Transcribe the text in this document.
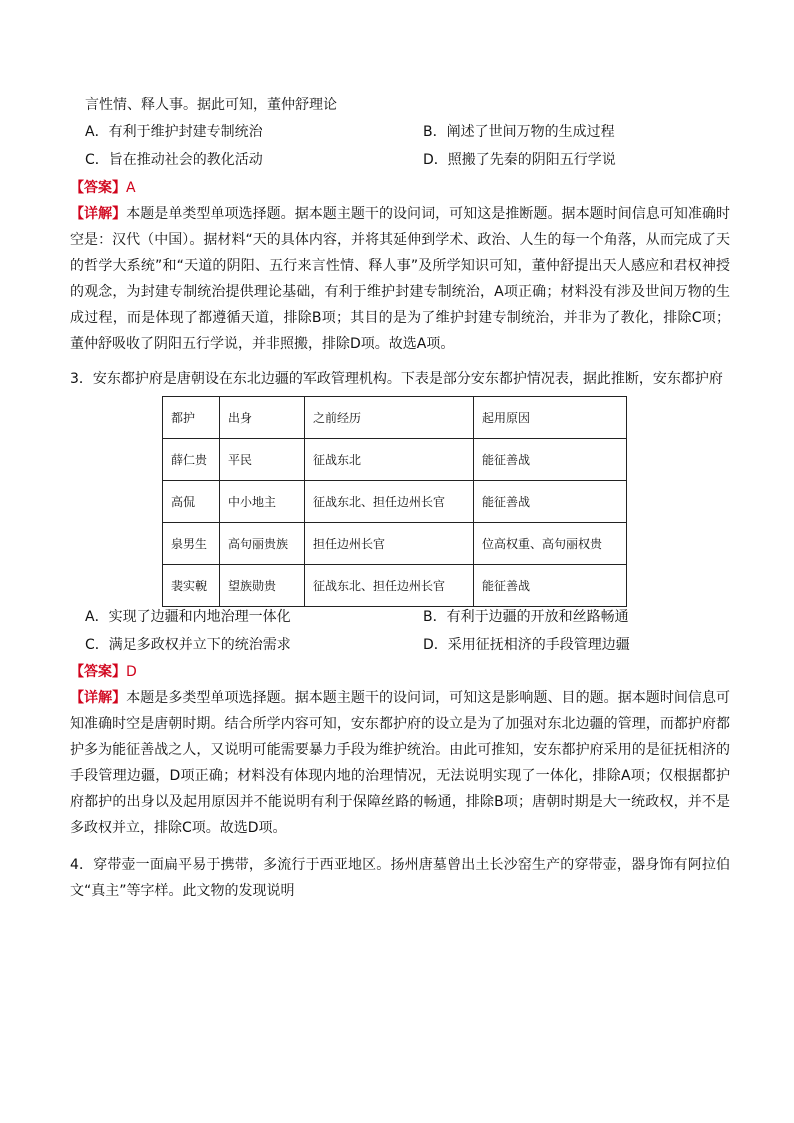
言性情、释人事。据此可知，董仲舒理论
A．有利于维护封建专制统治	B．阐述了世间万物的生成过程
C．旨在推动社会的教化活动	D．照搬了先秦的阴阳五行学说
【答案】A
【详解】本题是单类型单项选择题。据本题主题干的设问词，可知这是推断题。据本题时间信息可知准确时空是：汉代（中国）。据材料“天的具体内容，并将其延伸到学术、政治、人生的每一个角落，从而完成了天的哲学大系统”和“天道的阴阳、五行来言性情、释人事”及所学知识可知，董仲舒提出天人感应和君权神授的观念，为封建专制统治提供理论基础，有利于维护封建专制统治，A项正确；材料没有涉及世间万物的生成过程，而是体现了都遵循天道，排除B项；其目的是为了维护封建专制统治，并非为了教化，排除C项；董仲舒吸收了阴阳五行学说，并非照搬，排除D项。故选A项。
3．安东都护府是唐朝设在东北边疆的军政管理机构。下表是部分安东都护情况表，据此推断，安东都护府
都护	出身	之前经历	起用原因
薛仁贵	平民	征战东北	能征善战
高侃	中小地主	征战东北、担任边州长官	能征善战
泉男生	高句丽贵族	担任边州长官	位高权重、高句丽权贵
裴实輗	望族勋贵	征战东北、担任边州长官	能征善战
A．实现了边疆和内地治理一体化	B．有利于边疆的开放和丝路畅通
C．满足多政权并立下的统治需求	D．采用征抚相济的手段管理边疆
【答案】D
【详解】本题是多类型单项选择题。据本题主题干的设问词，可知这是影响题、目的题。据本题时间信息可知准确时空是唐朝时期。结合所学内容可知，安东都护府的设立是为了加强对东北边疆的管理，而都护府都护多为能征善战之人，又说明可能需要暴力手段为维护统治。由此可推知，安东都护府采用的是征抚相济的手段管理边疆，D项正确；材料没有体现内地的治理情况，无法说明实现了一体化，排除A项；仅根据都护府都护的出身以及起用原因并不能说明有利于保障丝路的畅通，排除B项；唐朝时期是大一统政权，并不是多政权并立，排除C项。故选D项。
4．穿带壶一面扁平易于携带，多流行于西亚地区。扬州唐墓曾出土长沙窑生产的穿带壶，器身饰有阿拉伯文“真主”等字样。此文物的发现说明
